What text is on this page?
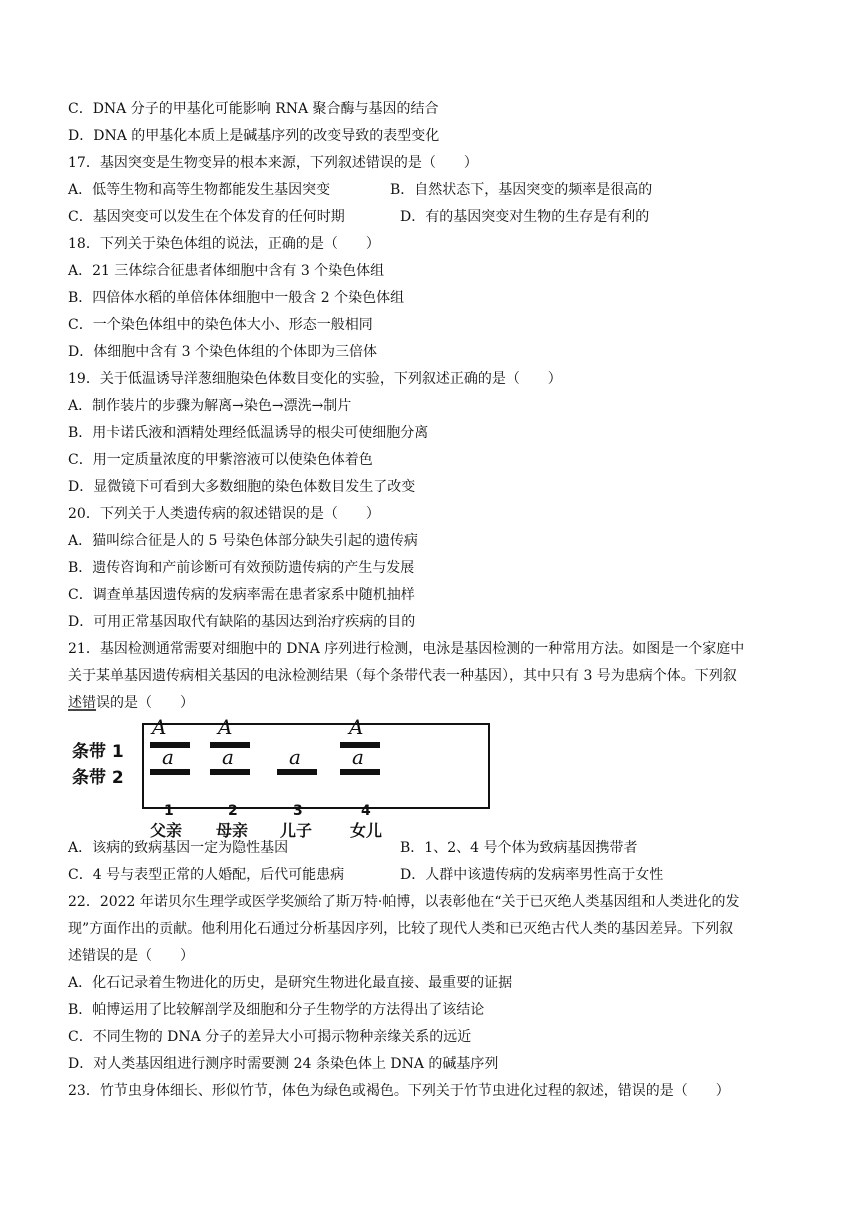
C．DNA 分子的甲基化可能影响 RNA 聚合酶与基因的结合
D．DNA 的甲基化本质上是碱基序列的改变导致的表型变化
17．基因突变是生物变异的根本来源，下列叙述错误的是（　　）
A．低等生物和高等生物都能发生基因突变	B．自然状态下，基因突变的频率是很高的
C．基因突变可以发生在个体发育的任何时期	D．有的基因突变对生物的生存是有利的
18．下列关于染色体组的说法，正确的是（　　）
A．21 三体综合征患者体细胞中含有 3 个染色体组
B．四倍体水稻的单倍体体细胞中一般含 2 个染色体组
C．一个染色体组中的染色体大小、形态一般相同
D．体细胞中含有 3 个染色体组的个体即为三倍体
19．关于低温诱导洋葱细胞染色体数目变化的实验，下列叙述正确的是（　　）
A．制作装片的步骤为解离→染色→漂洗→制片
B．用卡诺氏液和酒精处理经低温诱导的根尖可使细胞分离
C．用一定质量浓度的甲紫溶液可以使染色体着色
D．显微镜下可看到大多数细胞的染色体数目发生了改变
20．下列关于人类遗传病的叙述错误的是（　　）
A．猫叫综合征是人的 5 号染色体部分缺失引起的遗传病
B．遗传咨询和产前诊断可有效预防遗传病的产生与发展
C．调查单基因遗传病的发病率需在患者家系中随机抽样
D．可用正常基因取代有缺陷的基因达到治疗疾病的目的
21．基因检测通常需要对细胞中的 DNA 序列进行检测，电泳是基因检测的一种常用方法。如图是一个家庭中
关于某单基因遗传病相关基因的电泳检测结果（每个条带代表一种基因），其中只有 3 号为患病个体。下列叙
述错误的是（　　）
条带 1
条带 2
A
a
A
a	a
A
a
1	2	3	4
父亲 母亲 儿子 女儿
A．该病的致病基因一定为隐性基因	B．1、2、4 号个体为致病基因携带者
C．4 号与表型正常的人婚配，后代可能患病	D．人群中该遗传病的发病率男性高于女性
22．2022 年诺贝尔生理学或医学奖颁给了斯万特·帕博，以表彰他在“关于已灭绝人类基因组和人类进化的发
现”方面作出的贡献。他利用化石通过分析基因序列，比较了现代人类和已灭绝古代人类的基因差异。下列叙
述错误的是（　　）
A．化石记录着生物进化的历史，是研究生物进化最直接、最重要的证据
B．帕博运用了比较解剖学及细胞和分子生物学的方法得出了该结论
C．不同生物的 DNA 分子的差异大小可揭示物种亲缘关系的远近
D．对人类基因组进行测序时需要测 24 条染色体上 DNA 的碱基序列
23．竹节虫身体细长、形似竹节，体色为绿色或褐色。下列关于竹节虫进化过程的叙述，错误的是（　　）
